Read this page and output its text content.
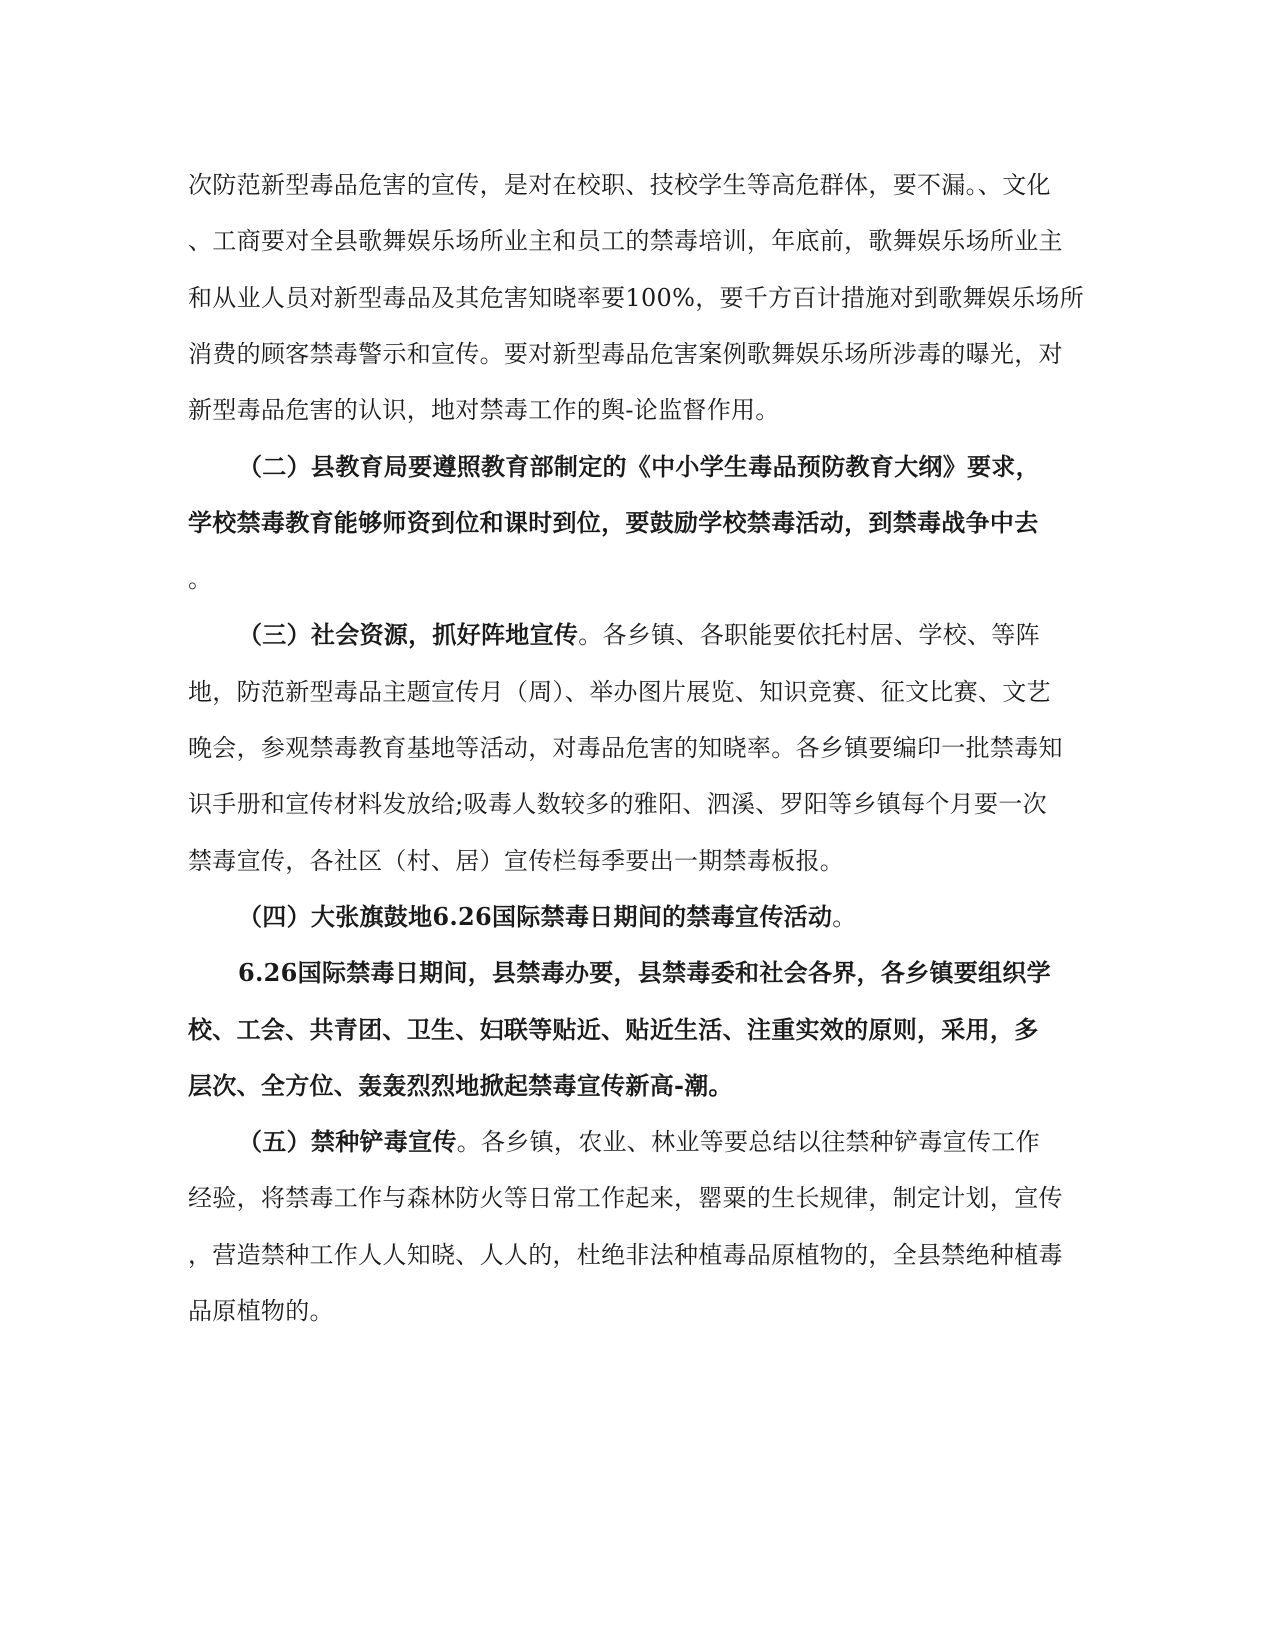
次防范新型毒品危害的宣传，是对在校职、技校学生等高危群体，要不漏。、文化
、工商要对全县歌舞娱乐场所业主和员工的禁毒培训，年底前，歌舞娱乐场所业主
和从业人员对新型毒品及其危害知晓率要100%，要千方百计措施对到歌舞娱乐场所
消费的顾客禁毒警示和宣传。要对新型毒品危害案例歌舞娱乐场所涉毒的曝光，对
新型毒品危害的认识，地对禁毒工作的舆-论监督作用。
（二）县教育局要遵照教育部制定的《中小学生毒品预防教育大纲》要求，
学校禁毒教育能够师资到位和课时到位，要鼓励学校禁毒活动，到禁毒战争中去
。
（三）社会资源，抓好阵地宣传。各乡镇、各职能要依托村居、学校、等阵
地，防范新型毒品主题宣传月（周）、举办图片展览、知识竞赛、征文比赛、文艺
晚会，参观禁毒教育基地等活动，对毒品危害的知晓率。各乡镇要编印一批禁毒知
识手册和宣传材料发放给;吸毒人数较多的雅阳、泗溪、罗阳等乡镇每个月要一次
禁毒宣传，各社区（村、居）宣传栏每季要出一期禁毒板报。
（四）大张旗鼓地6.26国际禁毒日期间的禁毒宣传活动。
6.26国际禁毒日期间，县禁毒办要，县禁毒委和社会各界，各乡镇要组织学
校、工会、共青团、卫生、妇联等贴近、贴近生活、注重实效的原则，采用，多
层次、全方位、轰轰烈烈地掀起禁毒宣传新高-潮。
（五）禁种铲毒宣传。各乡镇，农业、林业等要总结以往禁种铲毒宣传工作
经验，将禁毒工作与森林防火等日常工作起来，罂粟的生长规律，制定计划，宣传
，营造禁种工作人人知晓、人人的，杜绝非法种植毒品原植物的，全县禁绝种植毒
品原植物的。
